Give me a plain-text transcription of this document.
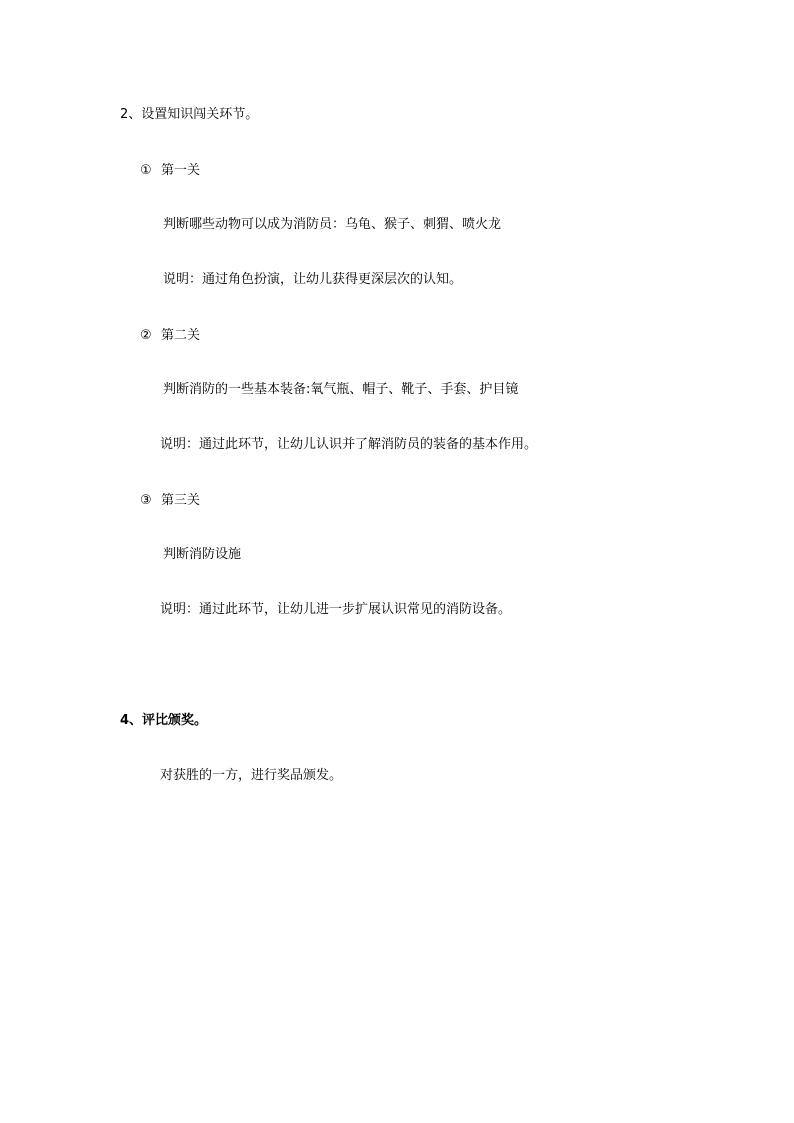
2、设置知识闯关环节。
① 第一关
判断哪些动物可以成为消防员：乌龟、猴子、刺猬、喷火龙
说明：通过角色扮演，让幼儿获得更深层次的认知。
② 第二关
判断消防的一些基本装备:氧气瓶、帽子、靴子、手套、护目镜
说明：通过此环节，让幼儿认识并了解消防员的装备的基本作用。
③ 第三关
判断消防设施
说明：通过此环节，让幼儿进一步扩展认识常见的消防设备。
4、评比颁奖。
对获胜的一方，进行奖品颁发。
